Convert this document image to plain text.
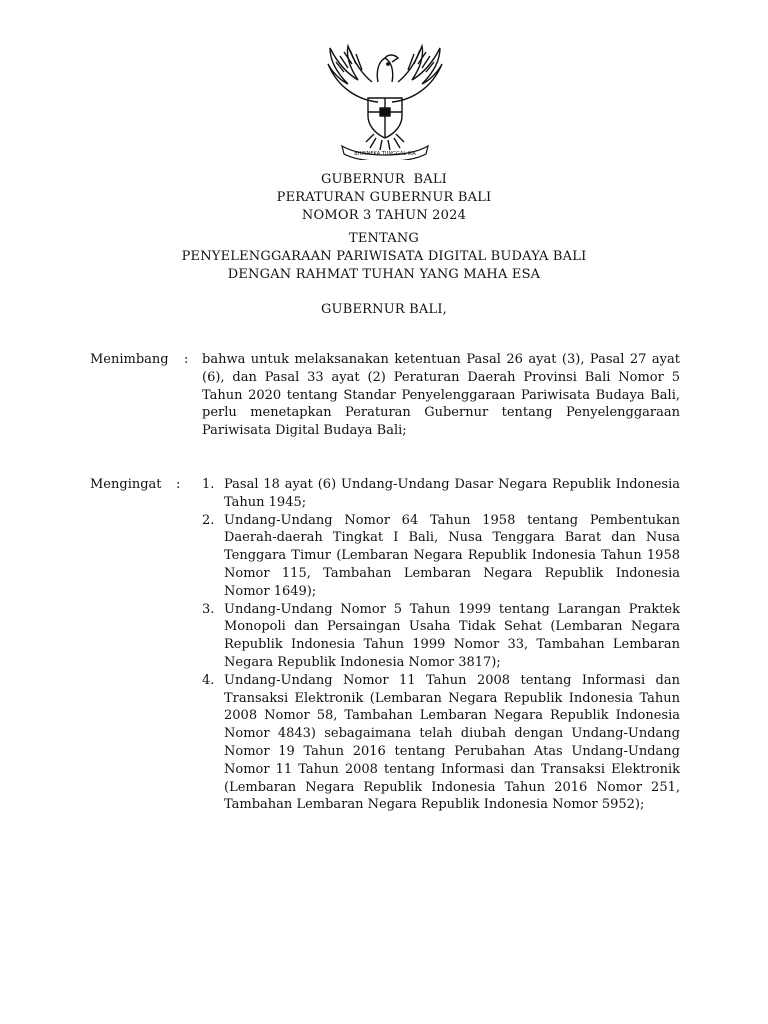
BHINNEKA TUNGGAL IKA
GUBERNUR  BALI
PERATURAN GUBERNUR BALI
NOMOR 3 TAHUN 2024
TENTANG
PENYELENGGARAAN PARIWISATA DIGITAL BUDAYA BALI
DENGAN RAHMAT TUHAN YANG MAHA ESA
GUBERNUR BALI,
Menimbang : bahwa untuk melaksanakan ketentuan Pasal 26 ayat (3), Pasal 27 ayat (6), dan Pasal 33 ayat (2) Peraturan Daerah Provinsi Bali Nomor 5 Tahun 2020 tentang Standar Penyelenggaraan Pariwisata Budaya Bali, perlu menetapkan Peraturan Gubernur tentang Penyelenggaraan Pariwisata Digital Budaya Bali;
Mengingat : 1. Pasal 18 ayat (6) Undang-Undang Dasar Negara Republik Indonesia Tahun 1945;
2. Undang-Undang Nomor 64 Tahun 1958 tentang Pembentukan Daerah-daerah Tingkat I Bali, Nusa Tenggara Barat dan Nusa Tenggara Timur (Lembaran Negara Republik Indonesia Tahun 1958 Nomor 115, Tambahan Lembaran Negara Republik Indonesia Nomor 1649);
3. Undang-Undang Nomor 5 Tahun 1999 tentang Larangan Praktek Monopoli dan Persaingan Usaha Tidak Sehat (Lembaran Negara Republik Indonesia Tahun 1999 Nomor 33, Tambahan Lembaran Negara Republik Indonesia Nomor 3817);
4. Undang-Undang Nomor 11 Tahun 2008 tentang Informasi dan Transaksi Elektronik (Lembaran Negara Republik Indonesia Tahun 2008 Nomor 58, Tambahan Lembaran Negara Republik Indonesia Nomor 4843) sebagaimana telah diubah dengan Undang-Undang Nomor 19 Tahun 2016 tentang Perubahan Atas Undang-Undang Nomor 11 Tahun 2008 tentang Informasi dan Transaksi Elektronik (Lembaran Negara Republik Indonesia Tahun 2016 Nomor 251, Tambahan Lembaran Negara Republik Indonesia Nomor 5952);
